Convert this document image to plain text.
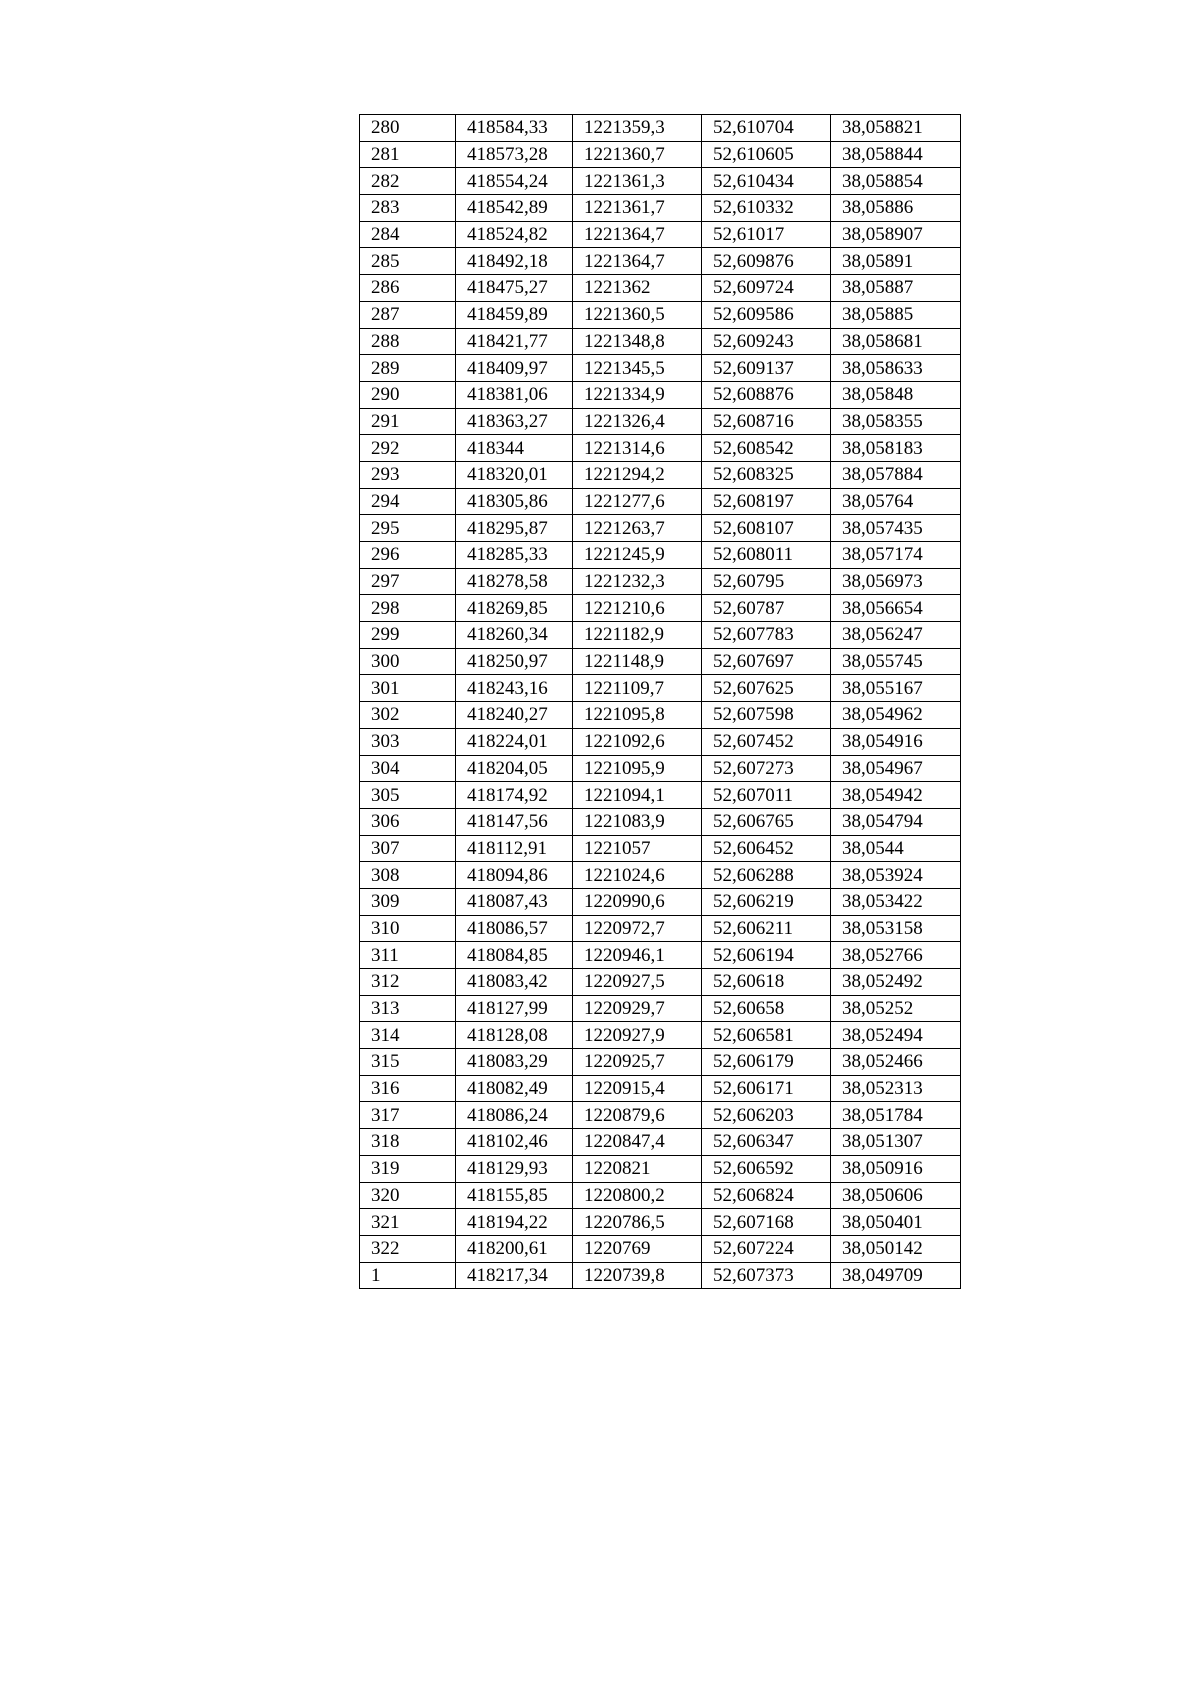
280	418584,33	1221359,3	52,610704	38,058821
281	418573,28	1221360,7	52,610605	38,058844
282	418554,24	1221361,3	52,610434	38,058854
283	418542,89	1221361,7	52,610332	38,05886
284	418524,82	1221364,7	52,61017	38,058907
285	418492,18	1221364,7	52,609876	38,05891
286	418475,27	1221362	52,609724	38,05887
287	418459,89	1221360,5	52,609586	38,05885
288	418421,77	1221348,8	52,609243	38,058681
289	418409,97	1221345,5	52,609137	38,058633
290	418381,06	1221334,9	52,608876	38,05848
291	418363,27	1221326,4	52,608716	38,058355
292	418344	1221314,6	52,608542	38,058183
293	418320,01	1221294,2	52,608325	38,057884
294	418305,86	1221277,6	52,608197	38,05764
295	418295,87	1221263,7	52,608107	38,057435
296	418285,33	1221245,9	52,608011	38,057174
297	418278,58	1221232,3	52,60795	38,056973
298	418269,85	1221210,6	52,60787	38,056654
299	418260,34	1221182,9	52,607783	38,056247
300	418250,97	1221148,9	52,607697	38,055745
301	418243,16	1221109,7	52,607625	38,055167
302	418240,27	1221095,8	52,607598	38,054962
303	418224,01	1221092,6	52,607452	38,054916
304	418204,05	1221095,9	52,607273	38,054967
305	418174,92	1221094,1	52,607011	38,054942
306	418147,56	1221083,9	52,606765	38,054794
307	418112,91	1221057	52,606452	38,0544
308	418094,86	1221024,6	52,606288	38,053924
309	418087,43	1220990,6	52,606219	38,053422
310	418086,57	1220972,7	52,606211	38,053158
311	418084,85	1220946,1	52,606194	38,052766
312	418083,42	1220927,5	52,60618	38,052492
313	418127,99	1220929,7	52,60658	38,05252
314	418128,08	1220927,9	52,606581	38,052494
315	418083,29	1220925,7	52,606179	38,052466
316	418082,49	1220915,4	52,606171	38,052313
317	418086,24	1220879,6	52,606203	38,051784
318	418102,46	1220847,4	52,606347	38,051307
319	418129,93	1220821	52,606592	38,050916
320	418155,85	1220800,2	52,606824	38,050606
321	418194,22	1220786,5	52,607168	38,050401
322	418200,61	1220769	52,607224	38,050142
1	418217,34	1220739,8	52,607373	38,049709
